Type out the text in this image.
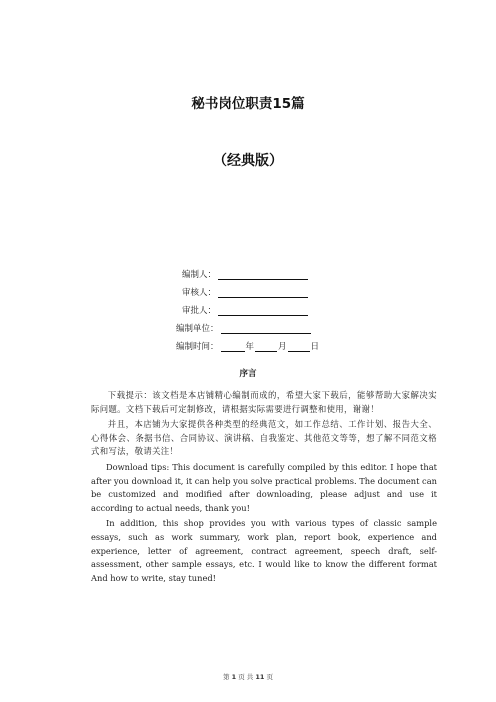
秘书岗位职责15篇
（经典版）
编制人：
审核人：
审批人：
编制单位：
编制时间：	年	月	日
序言

下载提示：该文档是本店铺精心编制而成的，希望大家下载后，能够帮助大家解决实际问题。文档下载后可定制修改，请根据实际需要进行调整和使用，谢谢！

并且，本店铺为大家提供各种类型的经典范文，如工作总结、工作计划、报告大全、心得体会、条据书信、合同协议、演讲稿、自我鉴定、其他范文等等，想了解不同范文格式和写法，敬请关注！

Download tips: This document is carefully compiled by this editor. I hope that after you download it, it can help you solve practical problems. The document can be customized and modified after downloading, please adjust and use it according to actual needs, thank you!

In addition, this shop provides you with various types of classic sample essays, such as work summary, work plan, report book, experience and experience, letter of agreement, contract agreement, speech draft, self-assessment, other sample essays, etc. I would like to know the different format And how to write, stay tuned!

第 1 页 共 11 页
